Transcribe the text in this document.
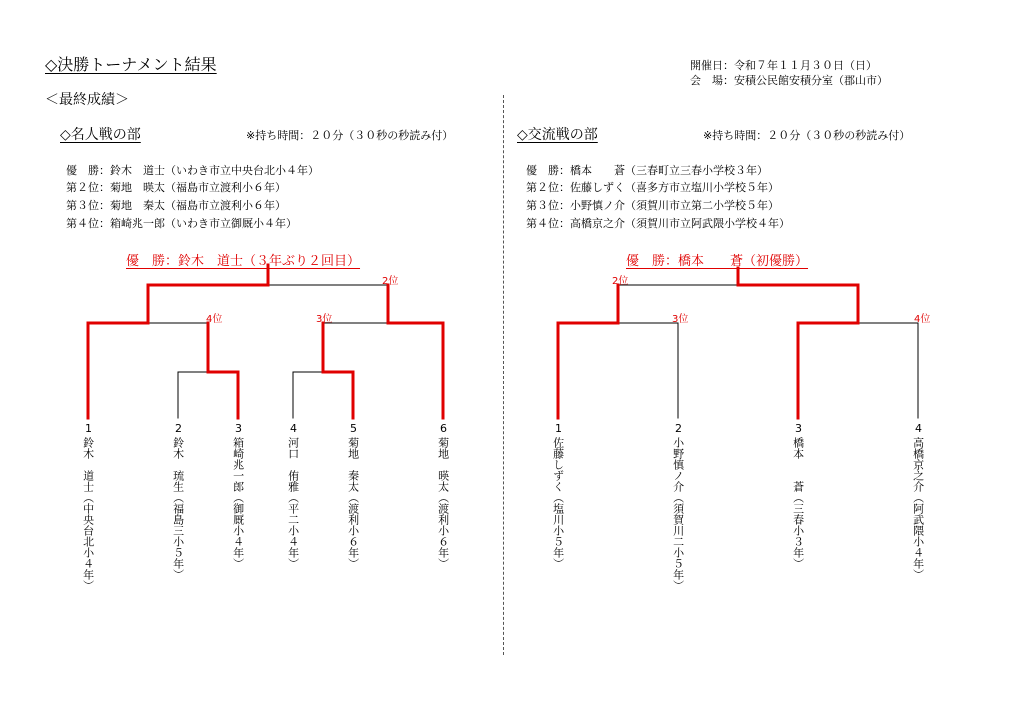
◇決勝トーナメント結果
＜最終成績＞
開催日：令和７年１１月３０日（日）
会　場：安積公民館安積分室（郡山市）
◇名人戦の部	※持ち時間：２０分（３０秒の秒読み付）
優　勝：鈴木　道士（いわき市立中央台北小４年）
第２位：菊地　暎太（福島市立渡利小６年）
第３位：菊地　秦太（福島市立渡利小６年）
第４位：箱崎兆一郎（いわき市立御厩小４年）
◇交流戦の部	※持ち時間：２０分（３０秒の秒読み付）
優　勝：橋本　　蒼（三春町立三春小学校３年）
第２位：佐藤しずく（喜多方市立塩川小学校５年）
第３位：小野慎ノ介（須賀川市立第二小学校５年）
第４位：高橋京之介（須賀川市立阿武隈小学校４年）
優　勝：鈴木　道士（３年ぶり２回目）	優　勝：橋本　　蒼（初優勝）
2位
4位	3位
2位
3位	4位
1
鈴木　道士（中央台北小４年）
2
鈴木　琉生（福島三小５年）
3
箱崎兆一郎（御厩小４年）
4
河口　侑雅（平二小４年）
5
菊地　秦太（渡利小６年）
6
菊地　暎太（渡利小６年）
1
佐藤しずく（塩川小５年）
2
小野慎ノ介（須賀川二小５年）
3
橋本　　蒼（三春小３年）
4
高橋京之介（阿武隈小４年）
